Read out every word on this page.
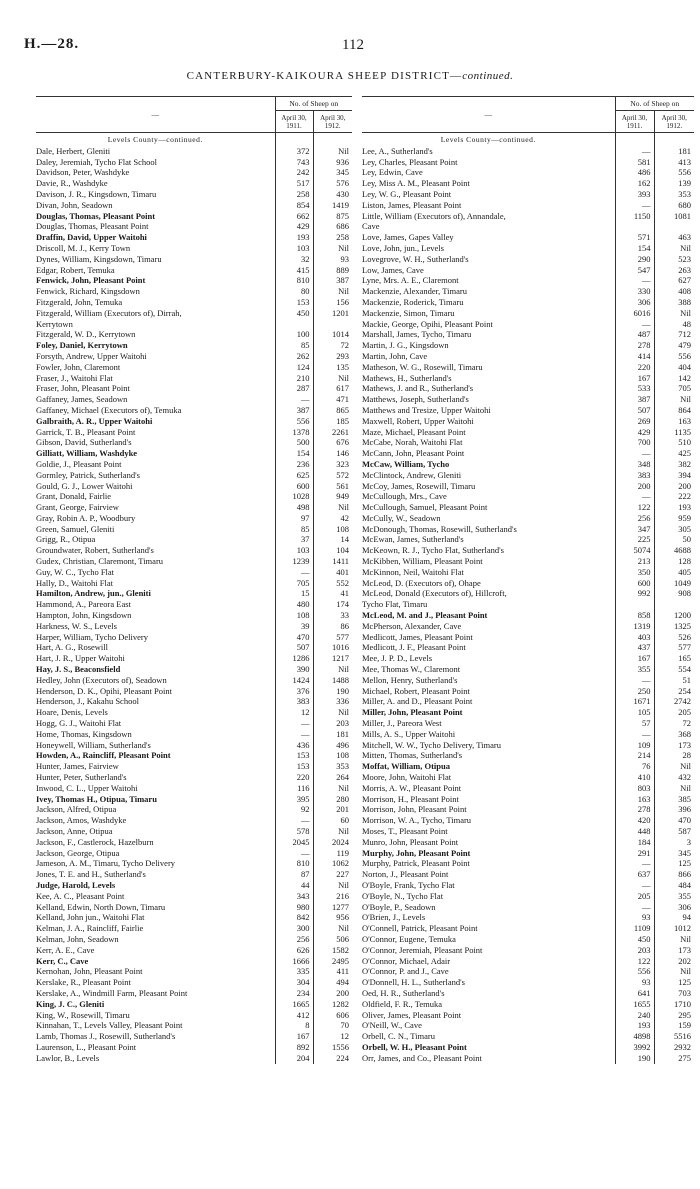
H.—28.	112
CANTERBURY-KAIKOURA SHEEP DISTRICT—continued.

—	No. of Sheep on	
	April 30,
1911.	April 30,
1912.

Levels County—continued.		
Dale, Herbert, Gleniti	372	Nil
Daley, Jeremiah, Tycho Flat School	743	936
Davidson, Peter, Washdyke	242	345
Davie, R., Washdyke	517	576
Davison, J. R., Kingsdown, Timaru	258	430
Divan, John, Seadown	854	1419
Douglas, Thomas, Pleasant Point	662	875
Douglas, Thomas, Pleasant Point	429	686
Draffin, David, Upper Waitohi	193	258
Driscoll, M. J., Kerry Town	103	Nil
Dynes, William, Kingsdown, Timaru	32	93
Edgar, Robert, Temuka	415	889
Fenwick, John, Pleasant Point	810	387
Fenwick, Richard, Kingsdown	80	Nil
Fitzgerald, John, Temuka	153	156
Fitzgerald, William (Executors of), Dirrah,	450	1201
Kerrytown		
Fitzgerald, W. D., Kerrytown	100	1014
Foley, Daniel, Kerrytown	85	72
Forsyth, Andrew, Upper Waitohi	262	293
Fowler, John, Claremont	124	135
Fraser, J., Waitohi Flat	210	Nil
Fraser, John, Pleasant Point	287	617
Gaffaney, James, Seadown	—	471
Gaffaney, Michael (Executors of), Temuka	387	865
Galbraith, A. R., Upper Waitohi	556	185
Garrick, T. B., Pleasant Point	1378	2261
Gibson, David, Sutherland's	500	676
Gilliatt, William, Washdyke	154	146
Goldie, J., Pleasant Point	236	323
Gormley, Patrick, Sutherland's	625	572
Gould, G. J., Lower Waitohi	600	561
Grant, Donald, Fairlie	1028	949
Grant, George, Fairview	498	Nil
Gray, Robin A. P., Woodbury	97	42
Green, Samuel, Gleniti	85	108
Grigg, R., Otipua	37	14
Groundwater, Robert, Sutherland's	103	104
Gudex, Christian, Claremont, Timaru	1239	1411
Guy, W. C., Tycho Flat	—	401
Hally, D., Waitohi Flat	705	552
Hamilton, Andrew, jun., Gleniti	15	41
Hammond, A., Pareora East	480	174
Hampton, John, Kingsdown	108	33
Harkness, W. S., Levels	39	86
Harper, William, Tycho Delivery	470	577
Hart, A. G., Rosewill	507	1016
Hart, J. R., Upper Waitohi	1286	1217
Hay, J. S., Beaconsfield	390	Nil
Hedley, John (Executors of), Seadown	1424	1488
Henderson, D. K., Opihi, Pleasant Point	376	190
Henderson, J., Kakahu School	383	336
Hoare, Denis, Levels	12	Nil
Hogg, G. J., Waitohi Flat	—	203
Home, Thomas, Kingsdown	—	181
Honeywell, William, Sutherland's	436	496
Howden, A., Raincliff, Pleasant Point	153	108
Hunter, James, Fairview	153	353
Hunter, Peter, Sutherland's	220	264
Inwood, C. L., Upper Waitohi	116	Nil
Ivey, Thomas H., Otipua, Timaru	395	280
Jackson, Alfred, Otipua	92	201
Jackson, Amos, Washdyke	—	60
Jackson, Anne, Otipua	578	Nil
Jackson, F., Castlerock, Hazelburn	2045	2024
Jackson, George, Otipua	—	119
Jameson, A. M., Timaru, Tycho Delivery	810	1062
Jones, T. E. and H., Sutherland's	87	227
Judge, Harold, Levels	44	Nil
Kee, A. C., Pleasant Point	343	216
Kelland, Edwin, North Down, Timaru	980	1277
Kelland, John jun., Waitohi Flat	842	956
Kelman, J. A., Raincliff, Fairlie	300	Nil
Kelman, John, Seadown	256	506
Kerr, A. E., Cave	626	1582
Kerr, C., Cave	1666	2495
Kernohan, John, Pleasant Point	335	411
Kerslake, R., Pleasant Point	304	494
Kerslake, A., Windmill Farm, Pleasant Point	234	200
King, J. C., Gleniti	1665	1282
King, W., Rosewill, Timaru	412	606
Kinnahan, T., Levels Valley, Pleasant Point	8	70
Lamb, Thomas J., Rosewill, Sutherland's	167	12
Laurenson, L., Pleasant Point	892	1556
Lawlor, B., Levels	204	224

—	No. of Sheep on	
	April 30,
1911.	April 30,
1912.

Levels County—continued.		
Lee, A., Sutherland's	—	181
Ley, Charles, Pleasant Point	581	413
Ley, Edwin, Cave	486	556
Ley, Miss A. M., Pleasant Point	162	139
Ley, W. G., Pleasant Point	393	353
Liston, James, Pleasant Point	—	680
Little, William (Executors of), Annandale,	1150	1081
Cave		
Love, James, Gapes Valley	571	463
Love, John, jun., Levels	154	Nil
Lovegrove, W. H., Sutherland's	290	523
Low, James, Cave	547	263
Lyne, Mrs. A. E., Claremont	—	627
Mackenzie, Alexander, Timaru	330	408
Mackenzie, Roderick, Timaru	306	388
Mackenzie, Simon, Timaru	6016	Nil
Mackie, George, Opihi, Pleasant Point	—	48
Marshall, James, Tycho, Timaru	487	712
Martin, J. G., Kingsdown	278	479
Martin, John, Cave	414	556
Matheson, W. G., Rosewill, Timaru	220	404
Mathews, H., Sutherland's	167	142
Mathews, J. and R., Sutherland's	533	705
Matthews, Joseph, Sutherland's	387	Nil
Matthews and Tresize, Upper Waitohi	507	864
Maxwell, Robert, Upper Waitohi	269	163
Maze, Michael, Pleasant Point	429	1135
McCabe, Norah, Waitohi Flat	700	510
McCann, John, Pleasant Point	—	425
McCaw, William, Tycho	348	382
McClintock, Andrew, Gleniti	383	394
McCoy, James, Rosewill, Timaru	200	200
McCullough, Mrs., Cave	—	222
McCullough, Samuel, Pleasant Point	122	193
McCully, W., Seadown	256	959
McDonough, Thomas, Rosewill, Sutherland's	347	305
McEwan, James, Sutherland's	225	50
McKeown, R. J., Tycho Flat, Sutherland's	5074	4688
McKibben, William, Pleasant Point	213	128
McKinnon, Neil, Waitohi Flat	350	405
McLeod, D. (Executors of), Ohape	600	1049
McLeod, Donald (Executors of), Hillcroft,	992	908
Tycho Flat, Timaru		
McLeod, M. and J., Pleasant Point	858	1200
McPherson, Alexander, Cave	1319	1325
Medlicott, James, Pleasant Point	403	526
Medlicott, J. F., Pleasant Point	437	577
Mee, J. P. D., Levels	167	165
Mee, Thomas W., Claremont	355	554
Mellon, Henry, Sutherland's	—	51
Michael, Robert, Pleasant Point	250	254
Miller, A. and D., Pleasant Point	1671	2742
Miller, John, Pleasant Point	105	205
Miller, J., Pareora West	57	72
Mills, A. S., Upper Waitohi	—	368
Mitchell, W. W., Tycho Delivery, Timaru	109	173
Mitten, Thomas, Sutherland's	214	28
Moffat, William, Otipua	76	Nil
Moore, John, Waitohi Flat	410	432
Morris, A. W., Pleasant Point	803	Nil
Morrison, H., Pleasant Point	163	385
Morrison, John, Pleasant Point	278	396
Morrison, W. A., Tycho, Timaru	420	470
Moses, T., Pleasant Point	448	587
Munro, John, Pleasant Point	184	3
Murphy, John, Pleasant Point	291	345
Murphy, Patrick, Pleasant Point	—	125
Norton, J., Pleasant Point	637	866
O'Boyle, Frank, Tycho Flat	—	484
O'Boyle, N., Tycho Flat	205	355
O'Boyle, P., Seadown	—	306
O'Brien, J., Levels	93	94
O'Connell, Patrick, Pleasant Point	1109	1012
O'Connor, Eugene, Temuka	450	Nil
O'Connor, Jeremiah, Pleasant Point	203	173
O'Connor, Michael, Adair	122	202
O'Connor, P. and J., Cave	556	Nil
O'Donnell, H. L., Sutherland's	93	125
Oed, H. R., Sutherland's	641	703
Oldfield, F. R., Temuka	1655	1710
Oliver, James, Pleasant Point	240	295
O'Neill, W., Cave	193	159
Orbell, C. N., Timaru	4898	5516
Orbell, W. H., Pleasant Point	3992	2932
Orr, James, and Co., Pleasant Point	190	275
